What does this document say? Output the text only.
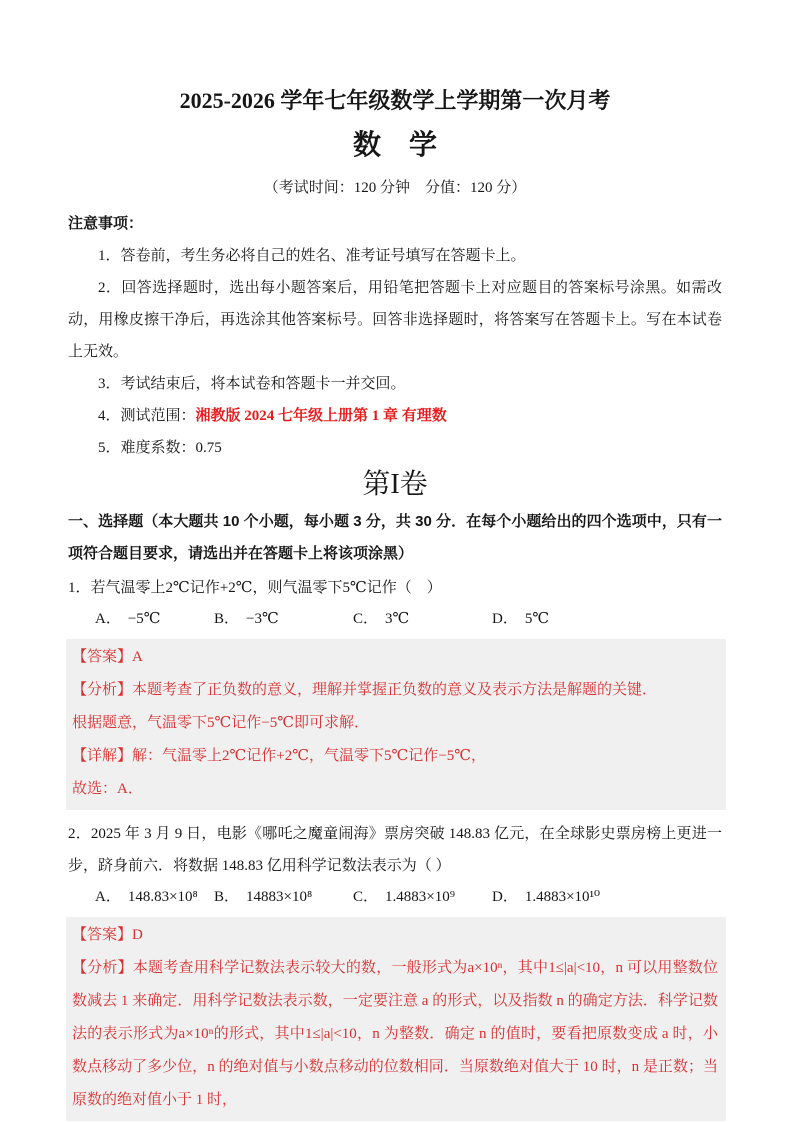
2025-2026 学年七年级数学上学期第一次月考
数　学
（考试时间：120 分钟　分值：120 分）
注意事项：

1．答卷前，考生务必将自己的姓名、准考证号填写在答题卡上。

2．回答选择题时，选出每小题答案后，用铅笔把答题卡上对应题目的答案标号涂黑。如需改动，用橡皮擦干净后，再选涂其他答案标号。回答非选择题时，将答案写在答题卡上。写在本试卷上无效。

3．考试结束后，将本试卷和答题卡一并交回。

4．测试范围：湘教版 2024 七年级上册第 1 章 有理数

5．难度系数：0.75

第I卷

一、选择题（本大题共 10 个小题，每小题 3 分，共 30 分．在每个小题给出的四个选项中，只有一项符合题目要求，请选出并在答题卡上将该项涂黑）

1．若气温零上2℃记作+2℃，则气温零下5℃记作（　）

A． −5℃	B． −3℃	C． 3℃	D． 5℃

【答案】A

【分析】本题考查了正负数的意义，理解并掌握正负数的意义及表示方法是解题的关键．

根据题意，气温零下5℃记作−5℃即可求解．

【详解】解：气温零上2℃记作+2℃，气温零下5℃记作−5℃，

故选：A．

2．2025 年 3 月 9 日，电影《哪吒之魔童闹海》票房突破 148.83 亿元，在全球影史票房榜上更进一步，跻身前六．将数据 148.83 亿用科学记数法表示为（ ）

A． 148.83×10⁸	B． 14883×10⁸	C． 1.4883×10⁹	D． 1.4883×10¹⁰

【答案】D

【分析】本题考查用科学记数法表示较大的数，一般形式为a×10ⁿ，其中1≤|a|<10，n 可以用整数位数减去 1 来确定．用科学记数法表示数，一定要注意 a 的形式，以及指数 n 的确定方法．科学记数法的表示形式为a×10ⁿ的形式，其中1≤|a|<10，n 为整数．确定 n 的值时，要看把原数变成 a 时，小数点移动了多少位，n 的绝对值与小数点移动的位数相同．当原数绝对值大于 10 时，n 是正数；当原数的绝对值小于 1 时，
